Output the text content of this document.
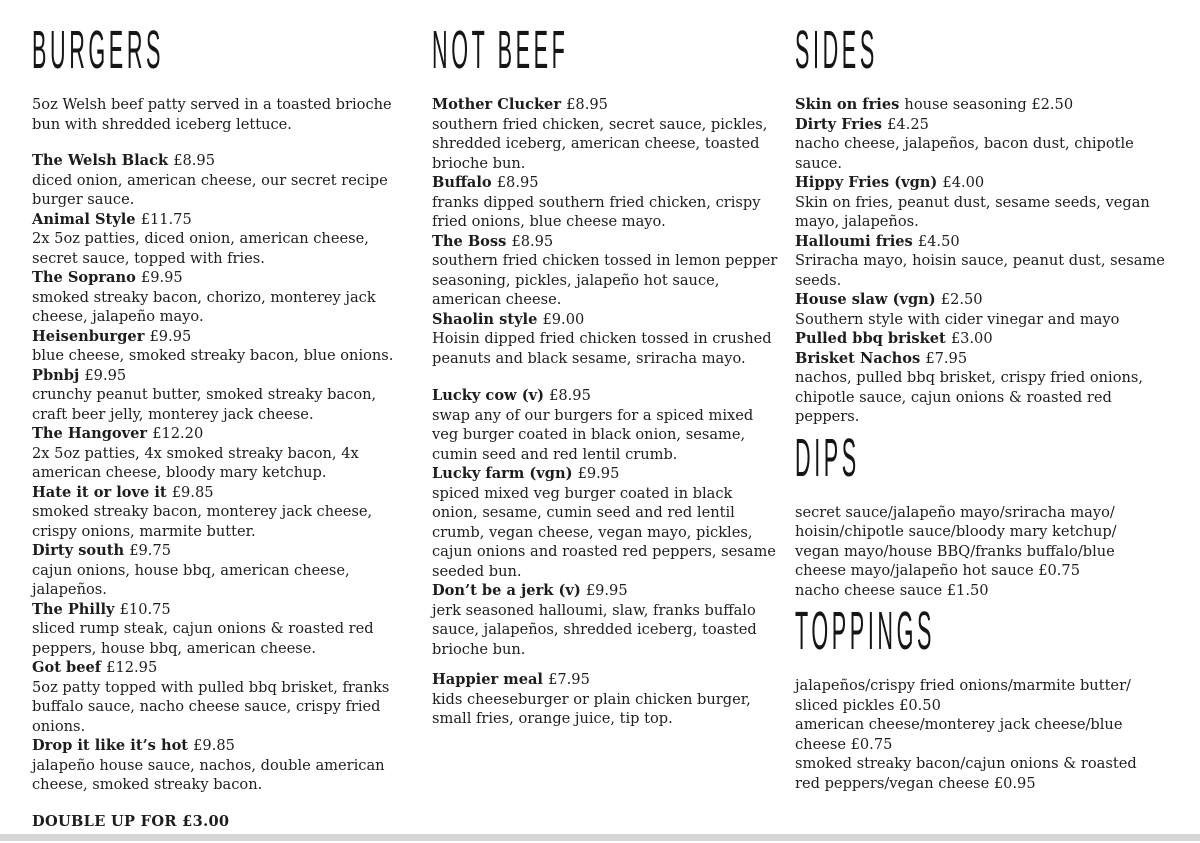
BURGERS

5oz Welsh beef patty served in a toasted brioche bun with shredded iceberg lettuce.

The Welsh Black £8.95
diced onion, american cheese, our secret recipe burger sauce.
Animal Style £11.75
2x 5oz patties, diced onion, american cheese, secret sauce, topped with fries.
The Soprano £9.95
smoked streaky bacon, chorizo, monterey jack cheese, jalapeño mayo.
Heisenburger £9.95
blue cheese, smoked streaky bacon, blue onions.
Pbnbj £9.95
crunchy peanut butter, smoked streaky bacon, craft beer jelly, monterey jack cheese.
The Hangover £12.20
2x 5oz patties, 4x smoked streaky bacon, 4x american cheese, bloody mary ketchup.
Hate it or love it £9.85
smoked streaky bacon, monterey jack cheese, crispy onions, marmite butter.
Dirty south £9.75
cajun onions, house bbq, american cheese, jalapeños.
The Philly £10.75
sliced rump steak, cajun onions & roasted red peppers, house bbq, american cheese.
Got beef £12.95
5oz patty topped with pulled bbq brisket, franks buffalo sauce, nacho cheese sauce, crispy fried onions.
Drop it like it’s hot £9.85
jalapeño house sauce, nachos, double american cheese, smoked streaky bacon.
DOUBLE UP FOR £3.00
NOT BEEF
Mother Clucker £8.95
southern fried chicken, secret sauce, pickles, shredded iceberg, american cheese, toasted brioche bun.
Buffalo £8.95
franks dipped southern fried chicken, crispy fried onions, blue cheese mayo.
The Boss £8.95
southern fried chicken tossed in lemon pepper seasoning, pickles, jalapeño hot sauce, american cheese.
Shaolin style £9.00
Hoisin dipped fried chicken tossed in crushed peanuts and black sesame, sriracha mayo.
Lucky cow (v) £8.95
swap any of our burgers for a spiced mixed veg burger coated in black onion, sesame, cumin seed and red lentil crumb.
Lucky farm (vgn) £9.95
spiced mixed veg burger coated in black onion, sesame, cumin seed and red lentil crumb, vegan cheese, vegan mayo, pickles, cajun onions and roasted red peppers, sesame seeded bun.
Don’t be a jerk (v) £9.95
jerk seasoned halloumi, slaw, franks buffalo sauce, jalapeños, shredded iceberg, toasted brioche bun.
Happier meal £7.95
kids cheeseburger or plain chicken burger, small fries, orange juice, tip top.
SIDES
Skin on fries house seasoning £2.50
Dirty Fries £4.25
nacho cheese, jalapeños, bacon dust, chipotle sauce.
Hippy Fries (vgn) £4.00
Skin on fries, peanut dust, sesame seeds, vegan mayo, jalapeños.
Halloumi fries £4.50
Sriracha mayo, hoisin sauce, peanut dust, sesame seeds.
House slaw (vgn) £2.50
Southern style with cider vinegar and mayo
Pulled bbq brisket £3.00
Brisket Nachos £7.95
nachos, pulled bbq brisket, crispy fried onions, chipotle sauce, cajun onions & roasted red peppers.
DIPS
secret sauce/jalapeño mayo/sriracha mayo/
hoisin/chipotle sauce/bloody mary ketchup/
vegan mayo/house BBQ/franks buffalo/blue
cheese mayo/jalapeño hot sauce £0.75
nacho cheese sauce £1.50
TOPPINGS
jalapeños/crispy fried onions/marmite butter/
sliced pickles £0.50
american cheese/monterey jack cheese/blue
cheese £0.75
smoked streaky bacon/cajun onions & roasted
red peppers/vegan cheese £0.95
